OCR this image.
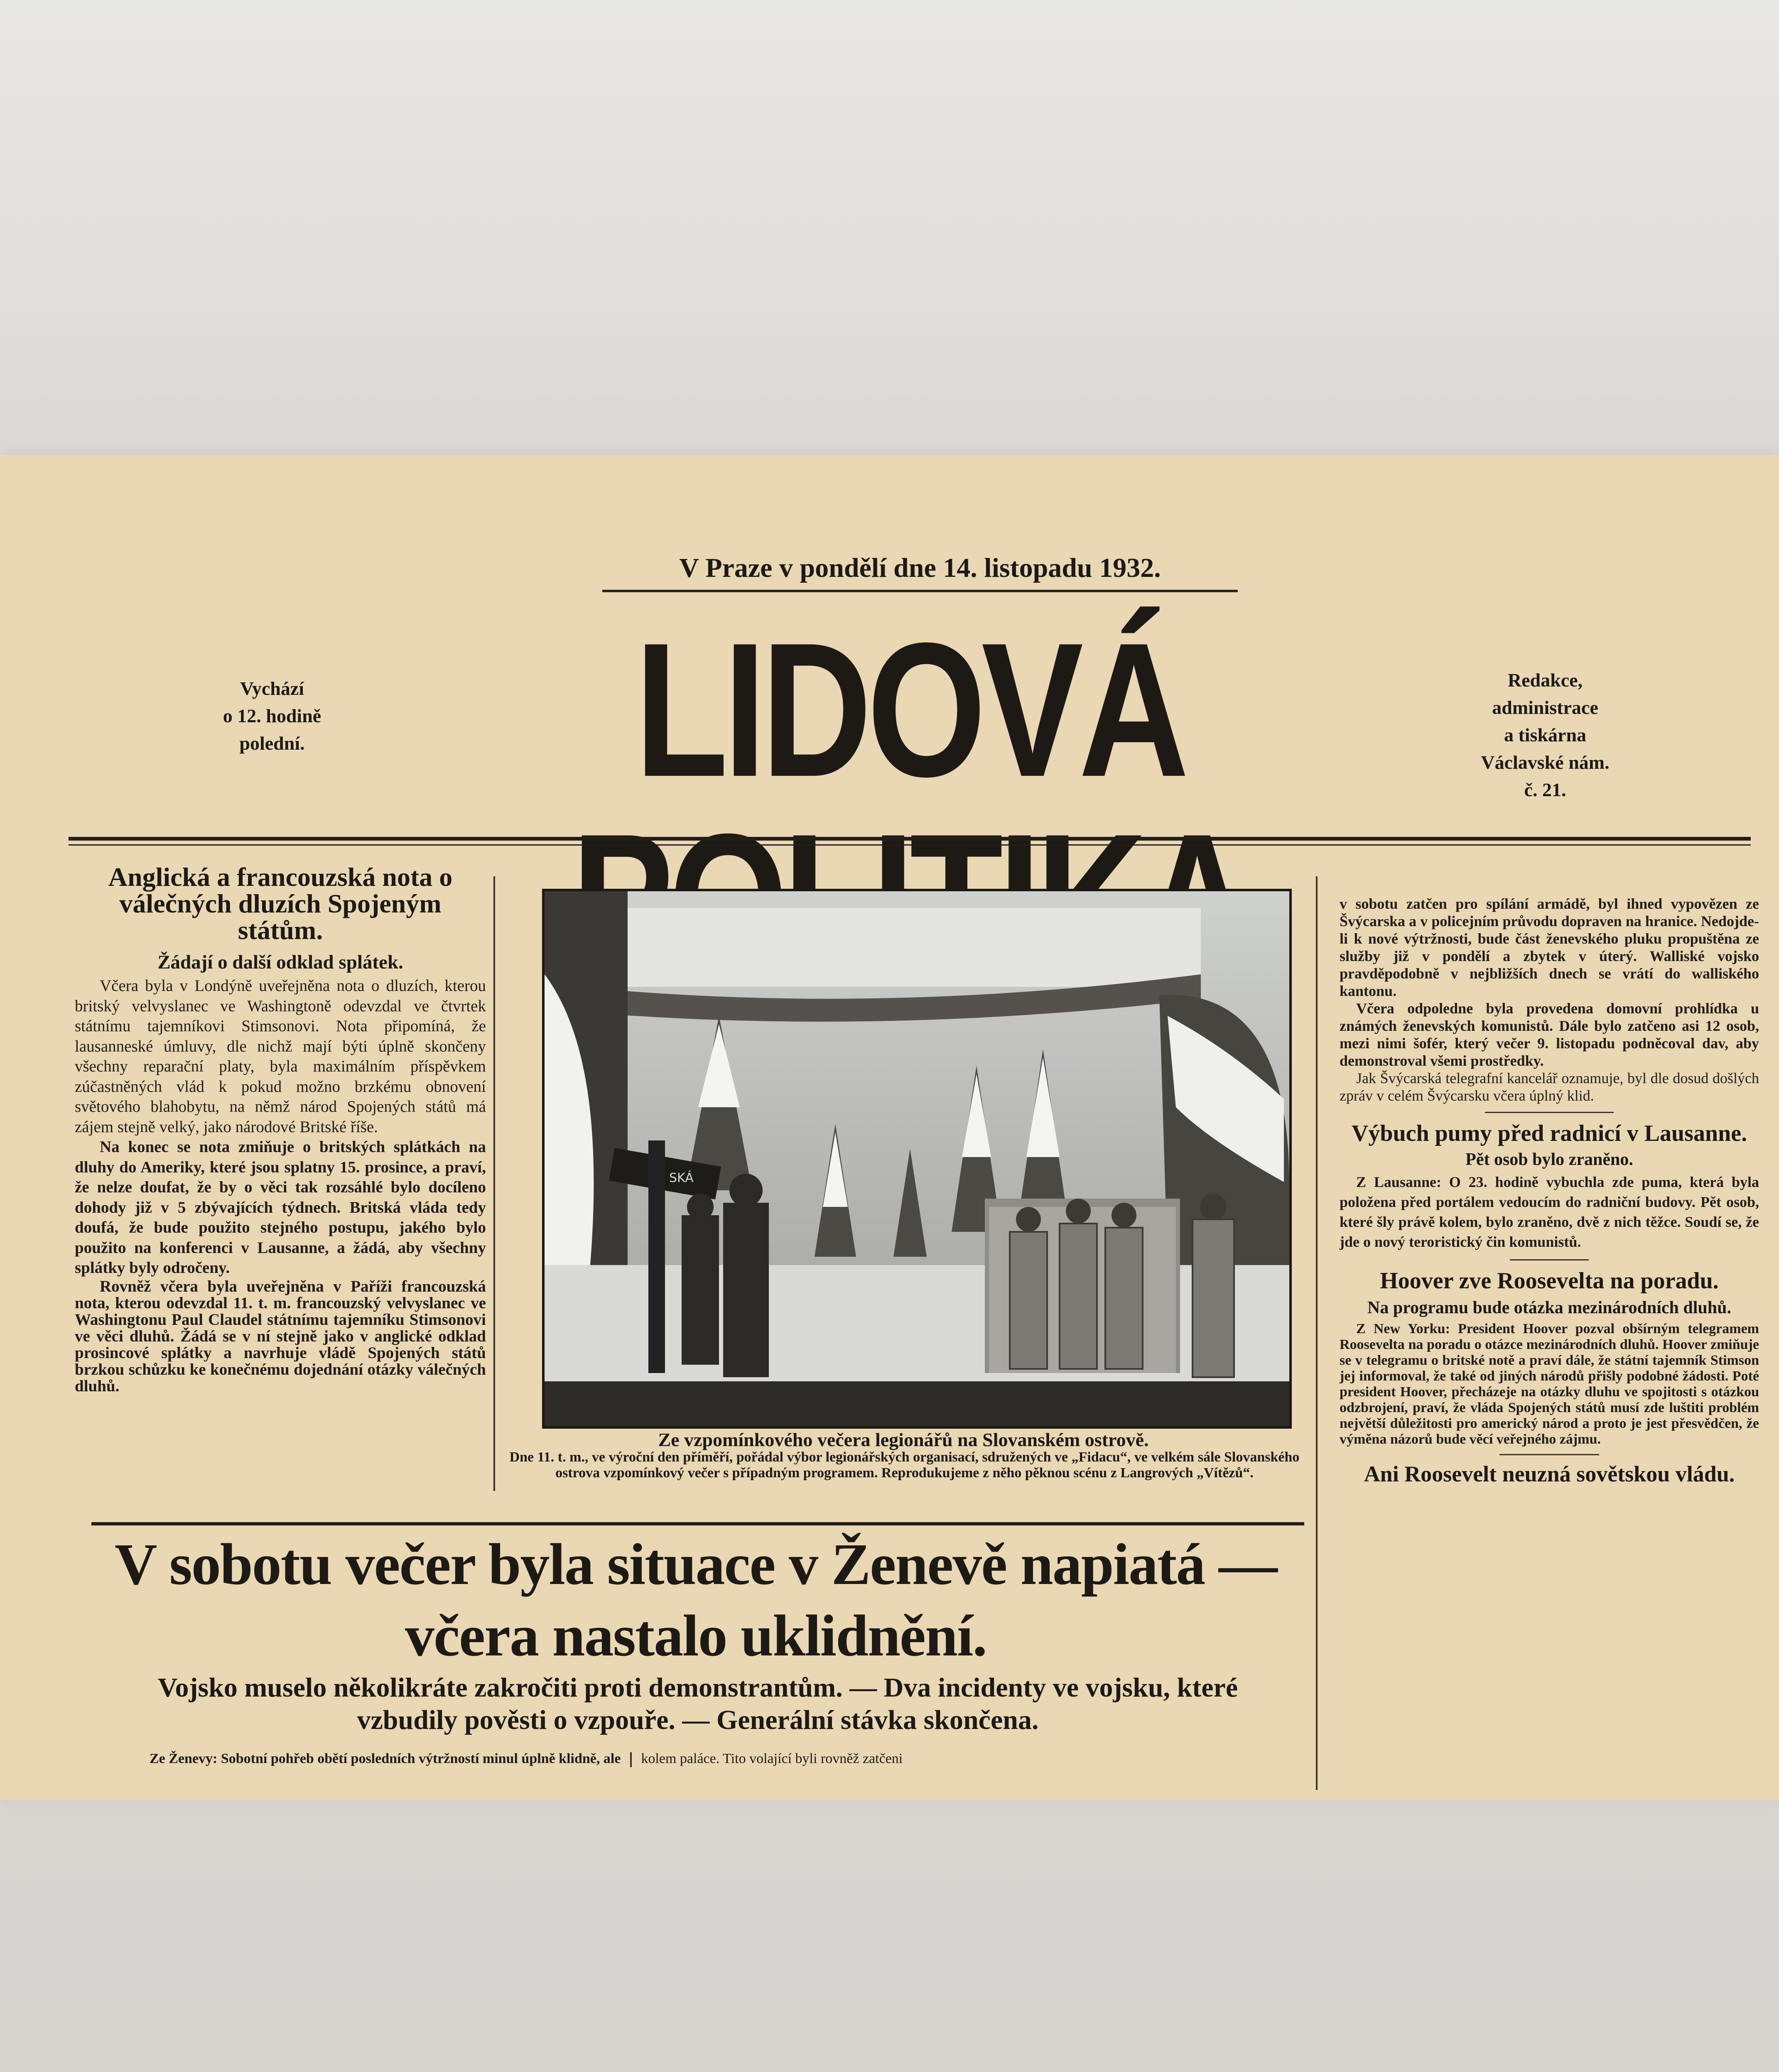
V Praze v pondělí dne 14. listopadu 1932.
LIDOVÁ
Vychází
o 12. hodině
polední.
Redakce,
administrace
a tiskárna
Václavské nám.
č. 21.
Anglická a francouzská nota o válečných dluzích Spojeným státům.
Žádají o další odklad splátek.

Včera byla v Londýně uveřejněna nota o dluzích, kterou britský velvyslanec ve Washingtoně odevzdal ve čtvrtek státnímu tajemníkovi Stimsonovi. Nota připomíná, že lausanneské úmluvy, dle nichž mají býti úplně skončeny všechny reparační platy, byla maximálním příspěvkem zúčastněných vlád k pokud možno brzkému obnovení světového blahobytu, na němž národ Spojených států má zájem stejně velký, jako národové Britské říše.

Na konec se nota zmiňuje o britských splátkách na dluhy do Ameriky, které jsou splatny 15. prosince, a praví, že nelze doufat, že by o věci tak rozsáhlé bylo docíleno dohody již v 5 zbývajících týdnech. Britská vláda tedy doufá, že bude použito stejného postupu, jakého bylo použito na konferenci v Lausanne, a žádá, aby všechny splátky byly odročeny.

Rovněž včera byla uveřejněna v Paříži francouzská nota, kterou odevzdal 11. t. m. francouzský velvyslanec ve Washingtonu Paul Claudel státnímu tajemníku Stimsonovi ve věci dluhů. Žádá se v ní stejně jako v anglické odklad prosincové splátky a navrhuje vládě Spojených států brzkou schůzku ke konečnému dojednání otázky válečných dluhů.

SKÁ
Ze vzpomínkového večera legionářů na Slovanském ostrově.
Dne 11. t. m., ve výroční den příměří, pořádal výbor legionářských organisací, sdružených ve „Fidacu“, ve velkém sále Slovanského ostrova vzpomínkový večer s případným programem. Reprodukujeme z něho pěknou scénu z Langrových „Vítězů“.

v sobotu zatčen pro spílání armádě, byl ihned vypovězen ze Švýcarska a v policejním průvodu dopraven na hranice. Nedojde-li k nové výtržnosti, bude část ženevského pluku propuštěna ze služby již v pondělí a zbytek v úterý. Walliské vojsko pravděpodobně v nejbližších dnech se vrátí do walliského kantonu.

Včera odpoledne byla provedena domovní prohlídka u známých ženevských komunistů. Dále bylo zatčeno asi 12 osob, mezi nimi šofér, který večer 9. listopadu podněcoval dav, aby demonstroval všemi prostředky.

Jak Švýcarská telegrafní kancelář oznamuje, byl dle dosud došlých zpráv v celém Švýcarsku včera úplný klid.

Výbuch pumy před radnicí v Lausanne.
Pět osob bylo zraněno.

Z Lausanne: O 23. hodině vybuchla zde puma, která byla položena před portálem vedoucím do radniční budovy. Pět osob, které šly právě kolem, bylo zraněno, dvě z nich těžce. Soudí se, že jde o nový teroristický čin komunistů.

Hoover zve Roosevelta na poradu.
Na programu bude otázka mezinárodních dluhů.

Z New Yorku: President Hoover pozval obšírným telegramem Roosevelta na poradu o otázce mezinárodních dluhů. Hoover zmiňuje se v telegramu o britské notě a praví dále, že státní tajemník Stimson jej informoval, že také od jiných národů přišly podobné žádosti. Poté president Hoover, přecházeje na otázky dluhu ve spojitosti s otázkou odzbrojení, praví, že vláda Spojených států musí zde luštiti problém největší důležitosti pro americký národ a proto je jest přesvědčen, že výměna názorů bude věcí veřejného zájmu.

Ani Roosevelt neuzná sovětskou vládu.
V sobotu večer byla situace v Ženevě napiatá —
včera nastalo uklidnění.
Vojsko muselo několikráte zakročiti proti demonstrantům. — Dva incidenty ve vojsku, které
vzbudily pověsti o vzpouře. — Generální stávka skončena.
Ze Ženevy: Sobotní pohřeb obětí posledních výtržností minul úplně klidně, ale kolem paláce. Tito volající byli rovněž zatčeni
